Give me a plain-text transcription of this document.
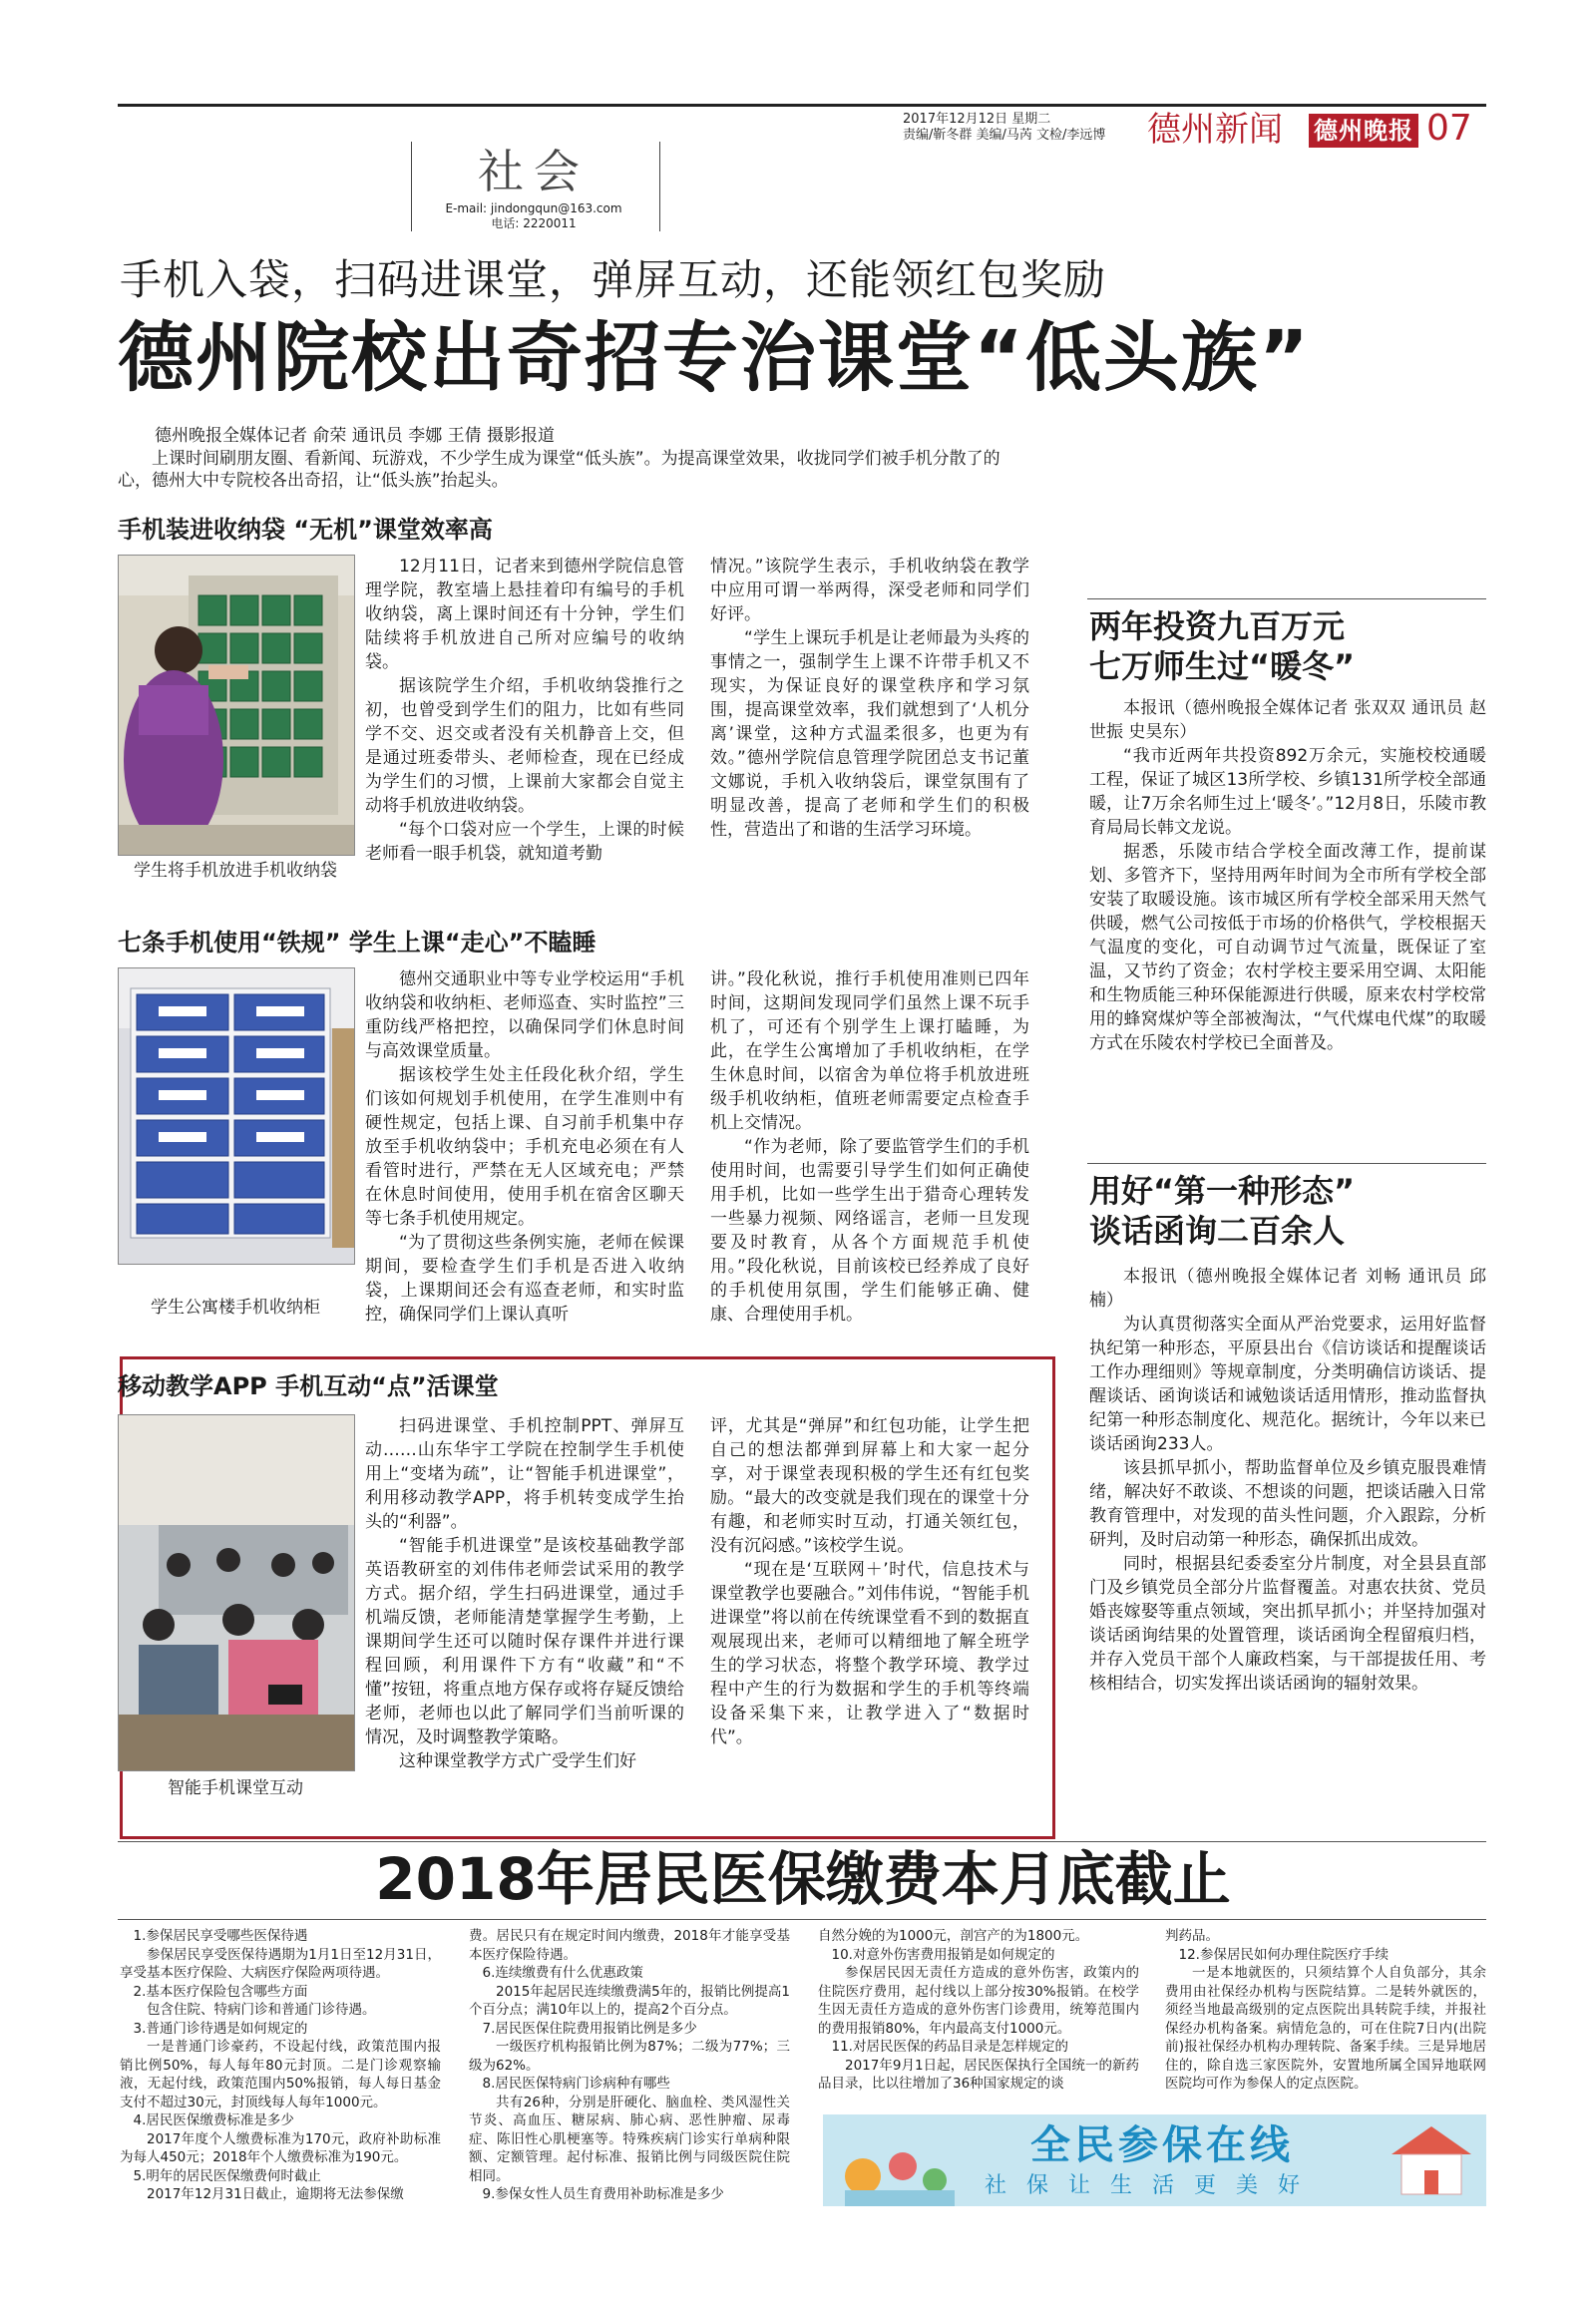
2017年12月12日 星期二
责编/靳冬群 美编/马芮 文检/李远博 德州新闻 德州晚报 07
社会
E-mail: jindongqun@163.com
电话: 2220011
手机入袋，扫码进课堂，弹屏互动，还能领红包奖励
德州院校出奇招专治课堂“低头族”
德州晚报全媒体记者 俞荣 通讯员 李娜 王倩 摄影报道
上课时间刷朋友圈、看新闻、玩游戏，不少学生成为课堂“低头族”。为提高课堂效果，收拢同学们被手机分散了的心，德州大中专院校各出奇招，让“低头族”抬起头。
手机装进收纳袋 “无机”课堂效率高
学生将手机放进手机收纳袋

12月11日，记者来到德州学院信息管理学院，教室墙上悬挂着印有编号的手机收纳袋，离上课时间还有十分钟，学生们陆续将手机放进自己所对应编号的收纳袋。

据该院学生介绍，手机收纳袋推行之初，也曾受到学生们的阻力，比如有些同学不交、迟交或者没有关机静音上交，但是通过班委带头、老师检查，现在已经成为学生们的习惯，上课前大家都会自觉主动将手机放进收纳袋。

“每个口袋对应一个学生，上课的时候老师看一眼手机袋，就知道考勤

情况。”该院学生表示，手机收纳袋在教学中应用可谓一举两得，深受老师和同学们好评。

“学生上课玩手机是让老师最为头疼的事情之一，强制学生上课不许带手机又不现实，为保证良好的课堂秩序和学习氛围，提高课堂效率，我们就想到了‘人机分离’课堂，这种方式温柔很多，也更为有效。”德州学院信息管理学院团总支书记董文娜说，手机入收纳袋后，课堂氛围有了明显改善，提高了老师和学生们的积极性，营造出了和谐的生活学习环境。

七条手机使用“铁规” 学生上课“走心”不瞌睡
学生公寓楼手机收纳柜

德州交通职业中等专业学校运用“手机收纳袋和收纳柜、老师巡查、实时监控”三重防线严格把控，以确保同学们休息时间与高效课堂质量。

据该校学生处主任段化秋介绍，学生们该如何规划手机使用，在学生准则中有硬性规定，包括上课、自习前手机集中存放至手机收纳袋中；手机充电必须在有人看管时进行，严禁在无人区域充电；严禁在休息时间使用，使用手机在宿舍区聊天等七条手机使用规定。

“为了贯彻这些条例实施，老师在候课期间，要检查学生们手机是否进入收纳袋，上课期间还会有巡查老师，和实时监控，确保同学们上课认真听

讲。”段化秋说，推行手机使用准则已四年时间，这期间发现同学们虽然上课不玩手机了，可还有个别学生上课打瞌睡，为此，在学生公寓增加了手机收纳柜，在学生休息时间，以宿舍为单位将手机放进班级手机收纳柜，值班老师需要定点检查手机上交情况。

“作为老师，除了要监管学生们的手机使用时间，也需要引导学生们如何正确使用手机，比如一些学生出于猎奇心理转发一些暴力视频、网络谣言，老师一旦发现要及时教育，从各个方面规范手机使用。”段化秋说，目前该校已经养成了良好的手机使用氛围，学生们能够正确、健康、合理使用手机。

移动教学APP 手机互动“点”活课堂
智能手机课堂互动

扫码进课堂、手机控制PPT、弹屏互动……山东华宇工学院在控制学生手机使用上“变堵为疏”，让“智能手机进课堂”，利用移动教学APP，将手机转变成学生抬头的“利器”。

“智能手机进课堂”是该校基础教学部英语教研室的刘伟伟老师尝试采用的教学方式。据介绍，学生扫码进课堂，通过手机端反馈，老师能清楚掌握学生考勤，上课期间学生还可以随时保存课件并进行课程回顾，利用课件下方有“收藏”和“不懂”按钮，将重点地方保存或将存疑反馈给老师，老师也以此了解同学们当前听课的情况，及时调整教学策略。

这种课堂教学方式广受学生们好

评，尤其是“弹屏”和红包功能，让学生把自己的想法都弹到屏幕上和大家一起分享，对于课堂表现积极的学生还有红包奖励。“最大的改变就是我们现在的课堂十分有趣，和老师实时互动，打通关领红包，没有沉闷感。”该校学生说。

“现在是‘互联网＋’时代，信息技术与课堂教学也要融合。”刘伟伟说，“智能手机进课堂”将以前在传统课堂看不到的数据直观展现出来，老师可以精细地了解全班学生的学习状态，将整个教学环境、教学过程中产生的行为数据和学生的手机等终端设备采集下来，让教学进入了“数据时代”。

两年投资九百万元
七万师生过“暖冬”

本报讯（德州晚报全媒体记者 张双双 通讯员 赵世振 史昊东）

“我市近两年共投资892万余元，实施校校通暖工程，保证了城区13所学校、乡镇131所学校全部通暖，让7万余名师生过上‘暖冬’。”12月8日，乐陵市教育局局长韩文龙说。

据悉，乐陵市结合学校全面改薄工作，提前谋划、多管齐下，坚持用两年时间为全市所有学校全部安装了取暖设施。该市城区所有学校全部采用天然气供暖，燃气公司按低于市场的价格供气，学校根据天气温度的变化，可自动调节过气流量，既保证了室温，又节约了资金；农村学校主要采用空调、太阳能和生物质能三种环保能源进行供暖，原来农村学校常用的蜂窝煤炉等全部被淘汰，“气代煤电代煤”的取暖方式在乐陵农村学校已全面普及。

用好“第一种形态”
谈话函询二百余人

本报讯（德州晚报全媒体记者 刘畅 通讯员 邱楠）

为认真贯彻落实全面从严治党要求，运用好监督执纪第一种形态，平原县出台《信访谈话和提醒谈话工作办理细则》等规章制度，分类明确信访谈话、提醒谈话、函询谈话和诫勉谈话适用情形，推动监督执纪第一种形态制度化、规范化。据统计，今年以来已谈话函询233人。

该县抓早抓小，帮助监督单位及乡镇克服畏难情绪，解决好不敢谈、不想谈的问题，把谈话融入日常教育管理中，对发现的苗头性问题，介入跟踪，分析研判，及时启动第一种形态，确保抓出成效。

同时，根据县纪委委室分片制度，对全县县直部门及乡镇党员全部分片监督覆盖。对惠农扶贫、党员婚丧嫁娶等重点领域，突出抓早抓小；并坚持加强对谈话函询结果的处置管理，谈话函询全程留痕归档，并存入党员干部个人廉政档案，与干部提拔任用、考核相结合，切实发挥出谈话函询的辐射效果。

2018年居民医保缴费本月底截止

1.参保居民享受哪些医保待遇

参保居民享受医保待遇期为1月1日至12月31日，享受基本医疗保险、大病医疗保险两项待遇。

2.基本医疗保险包含哪些方面

包含住院、特病门诊和普通门诊待遇。

3.普通门诊待遇是如何规定的

一是普通门诊豪药，不设起付线，政策范围内报销比例50%，每人每年80元封顶。二是门诊观察输液，无起付线，政策范围内50%报销，每人每日基金支付不超过30元，封顶线每人每年1000元。

4.居民医保缴费标准是多少

2017年度个人缴费标准为170元，政府补助标准为每人450元；2018年个人缴费标准为190元。

5.明年的居民医保缴费何时截止

2017年12月31日截止，逾期将无法参保缴

费。居民只有在规定时间内缴费，2018年才能享受基本医疗保险待遇。

6.连续缴费有什么优惠政策

2015年起居民连续缴费满5年的，报销比例提高1个百分点；满10年以上的，提高2个百分点。

7.居民医保住院费用报销比例是多少

一级医疗机构报销比例为87%；二级为77%；三级为62%。

8.居民医保特病门诊病种有哪些

共有26种，分别是肝硬化、脑血栓、类风湿性关节炎、高血压、糖尿病、肺心病、恶性肿瘤、尿毒症、陈旧性心肌梗塞等。特殊疾病门诊实行单病种限额、定额管理。起付标准、报销比例与同级医院住院相同。

9.参保女性人员生育费用补助标准是多少

自然分娩的为1000元，剖宫产的为1800元。

10.对意外伤害费用报销是如何规定的

参保居民因无责任方造成的意外伤害，政策内的住院医疗费用，起付线以上部分按30%报销。在校学生因无责任方造成的意外伤害门诊费用，统筹范围内的费用报销80%，年内最高支付1000元。

11.对居民医保的药品目录是怎样规定的

2017年9月1日起，居民医保执行全国统一的新药品目录，比以往增加了36种国家规定的谈

判药品。

12.参保居民如何办理住院医疗手续

一是本地就医的，只须结算个人自负部分，其余费用由社保经办机构与医院结算。二是转外就医的，须经当地最高级别的定点医院出具转院手续，并报社保经办机构备案。病情危急的，可在住院7日内(出院前)报社保经办机构办理转院、备案手续。三是异地居住的，除自选三家医院外，安置地所属全国异地联网医院均可作为参保人的定点医院。

全民参保在线
社保让生活更美好
